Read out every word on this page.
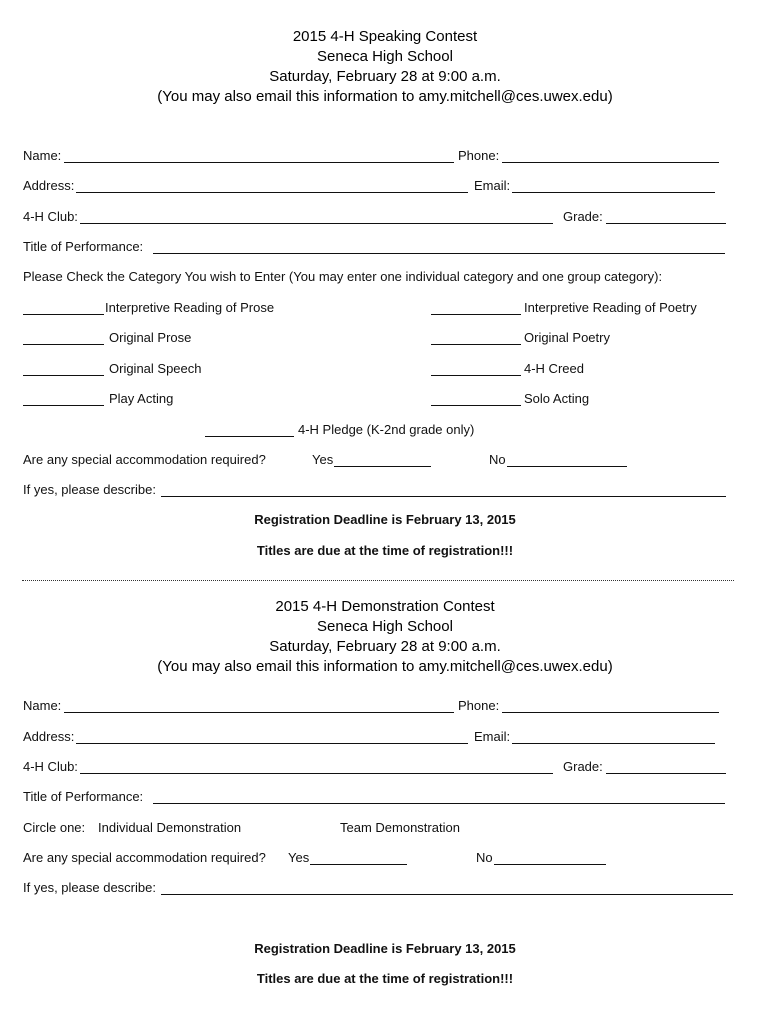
2015 4-H Speaking Contest
Seneca High School
Saturday, February 28 at 9:00 a.m.
(You may also email this information to amy.mitchell@ces.uwex.edu)
Name:	Phone:
Address:	Email:
4-H Club:	Grade:
Title of Performance:
Please Check the Category You wish to Enter (You may enter one individual category and one group category):
Interpretive Reading of Prose	Interpretive Reading of Poetry
Original Prose	Original Poetry
Original Speech	4-H Creed
Play Acting	Solo Acting
4-H Pledge (K-2nd grade only)
Are any special accommodation required?	Yes	No
If yes, please describe:
Registration Deadline is February 13, 2015
Titles are due at the time of registration!!!
2015 4-H Demonstration Contest
Seneca High School
Saturday, February 28 at 9:00 a.m.
(You may also email this information to amy.mitchell@ces.uwex.edu)
Name:	Phone:
Address:	Email:
4-H Club:	Grade:
Title of Performance:
Circle one: Individual Demonstration	Team Demonstration
Are any special accommodation required? Yes	No
If yes, please describe:
Registration Deadline is February 13, 2015
Titles are due at the time of registration!!!
